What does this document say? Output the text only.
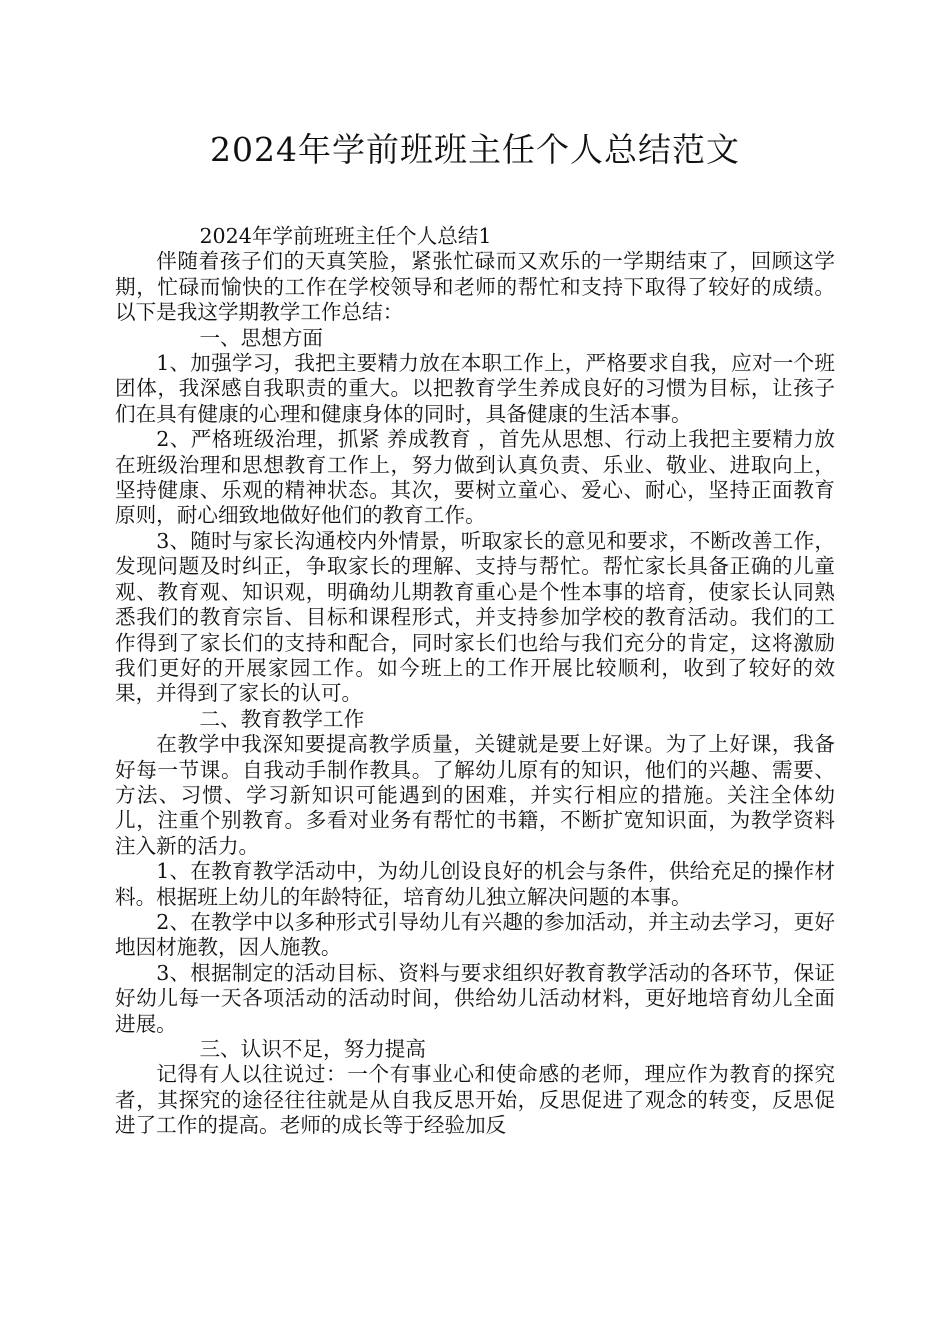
2024年学前班班主任个人总结范文

2024年学前班班主任个人总结1

伴随着孩子们的天真笑脸，紧张忙碌而又欢乐的一学期结束了，回顾这学期，忙碌而愉快的工作在学校领导和老师的帮忙和支持下取得了较好的成绩。以下是我这学期教学工作总结：

一、思想方面

1、加强学习，我把主要精力放在本职工作上，严格要求自我，应对一个班团体，我深感自我职责的重大。以把教育学生养成良好的习惯为目标，让孩子们在具有健康的心理和健康身体的同时，具备健康的生活本事。

2、严格班级治理，抓紧 养成教育 ，首先从思想、行动上我把主要精力放在班级治理和思想教育工作上，努力做到认真负责、乐业、敬业、进取向上，坚持健康、乐观的精神状态。其次，要树立童心、爱心、耐心，坚持正面教育原则，耐心细致地做好他们的教育工作。

3、随时与家长沟通校内外情景，听取家长的意见和要求，不断改善工作，发现问题及时纠正，争取家长的理解、支持与帮忙。帮忙家长具备正确的儿童观、教育观、知识观，明确幼儿期教育重心是个性本事的培育，使家长认同熟悉我们的教育宗旨、目标和课程形式，并支持参加学校的教育活动。我们的工作得到了家长们的支持和配合，同时家长们也给与我们充分的肯定，这将激励我们更好的开展家园工作。如今班上的工作开展比较顺利，收到了较好的效果，并得到了家长的认可。

二、教育教学工作

在教学中我深知要提高教学质量，关键就是要上好课。为了上好课，我备好每一节课。自我动手制作教具。了解幼儿原有的知识，他们的兴趣、需要、方法、习惯、学习新知识可能遇到的困难，并实行相应的措施。关注全体幼儿，注重个别教育。多看对业务有帮忙的书籍，不断扩宽知识面，为教学资料注入新的活力。

1、在教育教学活动中，为幼儿创设良好的机会与条件，供给充足的操作材料。根据班上幼儿的年龄特征，培育幼儿独立解决问题的本事。

2、在教学中以多种形式引导幼儿有兴趣的参加活动，并主动去学习，更好地因材施教，因人施教。

3、根据制定的活动目标、资料与要求组织好教育教学活动的各环节，保证好幼儿每一天各项活动的活动时间，供给幼儿活动材料，更好地培育幼儿全面进展。

三、认识不足，努力提高

记得有人以往说过：一个有事业心和使命感的老师，理应作为教育的探究者，其探究的途径往往就是从自我反思开始，反思促进了观念的转变，反思促进了工作的提高。老师的成长等于经验加反
